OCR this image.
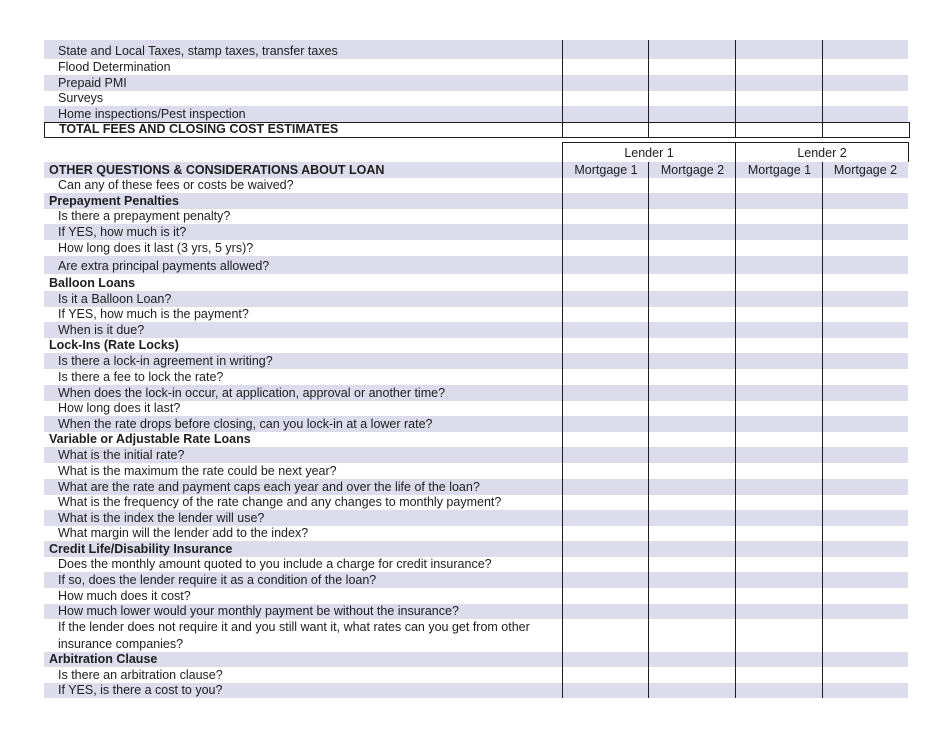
State and Local Taxes, stamp taxes, transfer taxes
Flood Determination
Prepaid PMI
Surveys
Home inspections/Pest inspection
TOTAL FEES AND CLOSING COST ESTIMATES
Lender 1	Lender 2
OTHER QUESTIONS & CONSIDERATIONS ABOUT LOAN	Mortgage 1	Mortgage 2	Mortgage 1	Mortgage 2
Can any of these fees or costs be waived?
Prepayment Penalties
Is there a prepayment penalty?
If YES, how much is it?
How long does it last (3 yrs, 5 yrs)?
Are extra principal payments allowed?
Balloon Loans
Is it a Balloon Loan?
If YES, how much is the payment?
When is it due?
Lock-Ins (Rate Locks)
Is there a lock-in agreement in writing?
Is there a fee to lock the rate?
When does the lock-in occur, at application, approval or another time?
How long does it last?
When the rate drops before closing, can you lock-in at a lower rate?
Variable or Adjustable Rate Loans
What is the initial rate?
What is the maximum the rate could be next year?
What are the rate and payment caps each year and over the life of the loan?
What is the frequency of the rate change and any changes to monthly payment?
What is the index the lender will use?
What margin will the lender add to the index?
Credit Life/Disability Insurance
Does the monthly amount quoted to you include a charge for credit insurance?
If so, does the lender require it as a condition of the loan?
How much does it cost?
How much lower would your monthly payment be without the insurance?
If the lender does not require it and you still want it, what rates can you get from other insurance companies?
Arbitration Clause
Is there an arbitration clause?
If YES, is there a cost to you?
